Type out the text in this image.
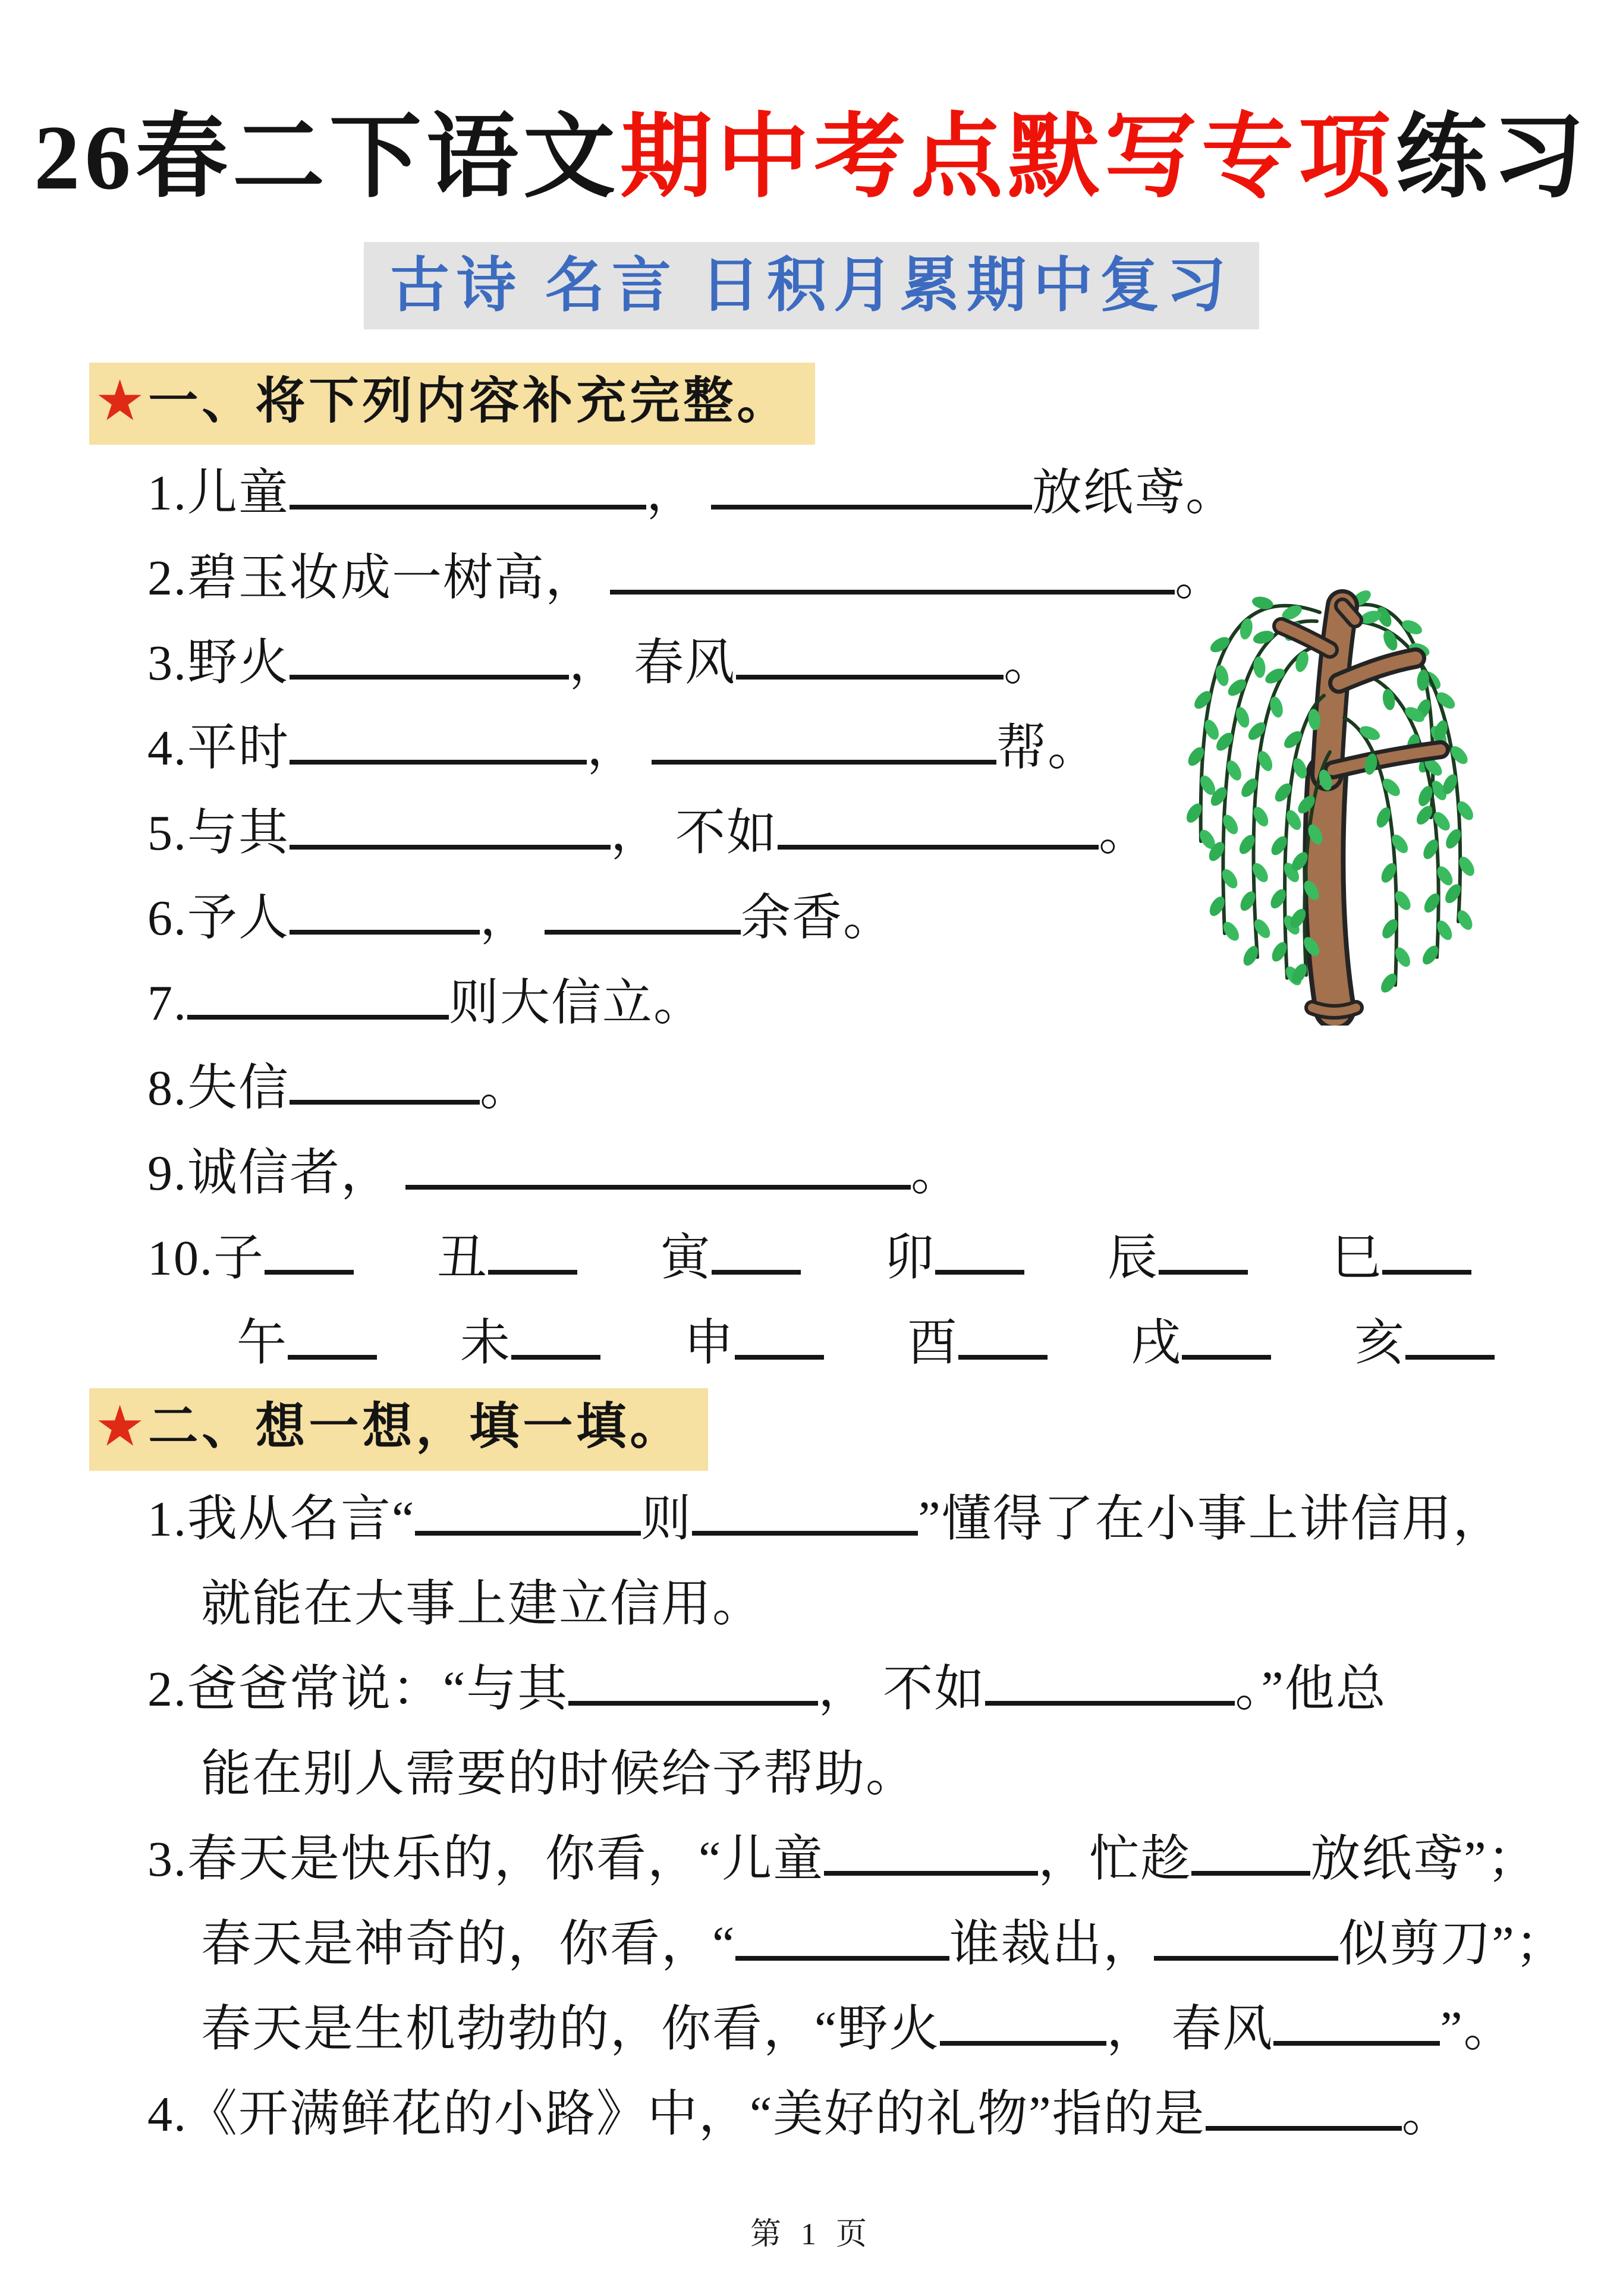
26春二下语文期中考点默写专项练习
古诗 名言 日积月累期中复习
★ 一、将下列内容补充完整。
1.儿童	，	放纸鸢。
2.碧玉妆成一树高，	。
3.野火	， 春风	。
4.平时	，	帮。
5.与其	， 不如	。
6.予人	，	余香。
7.	则大信立。
8.失信	。
9.诚信者，	。
10.子	丑	寅	卯	辰	巳
午	未	申	酉	戌	亥
★ 二、想一想，填一填。
1.我从名言“	则	”懂得了在小事上讲信用，
就能在大事上建立信用。
2.爸爸常说：“与其	， 不如	。”他总
能在别人需要的时候给予帮助。
3.春天是快乐的，你看，“儿童	，忙趁 放纸鸢”；
春天是神奇的，你看，“	谁裁出，	似剪刀”；
春天是生机勃勃的，你看，“野火	， 春风	”。
4.《开满鲜花的小路》中，“美好的礼物”指的是	。
第 1 页
